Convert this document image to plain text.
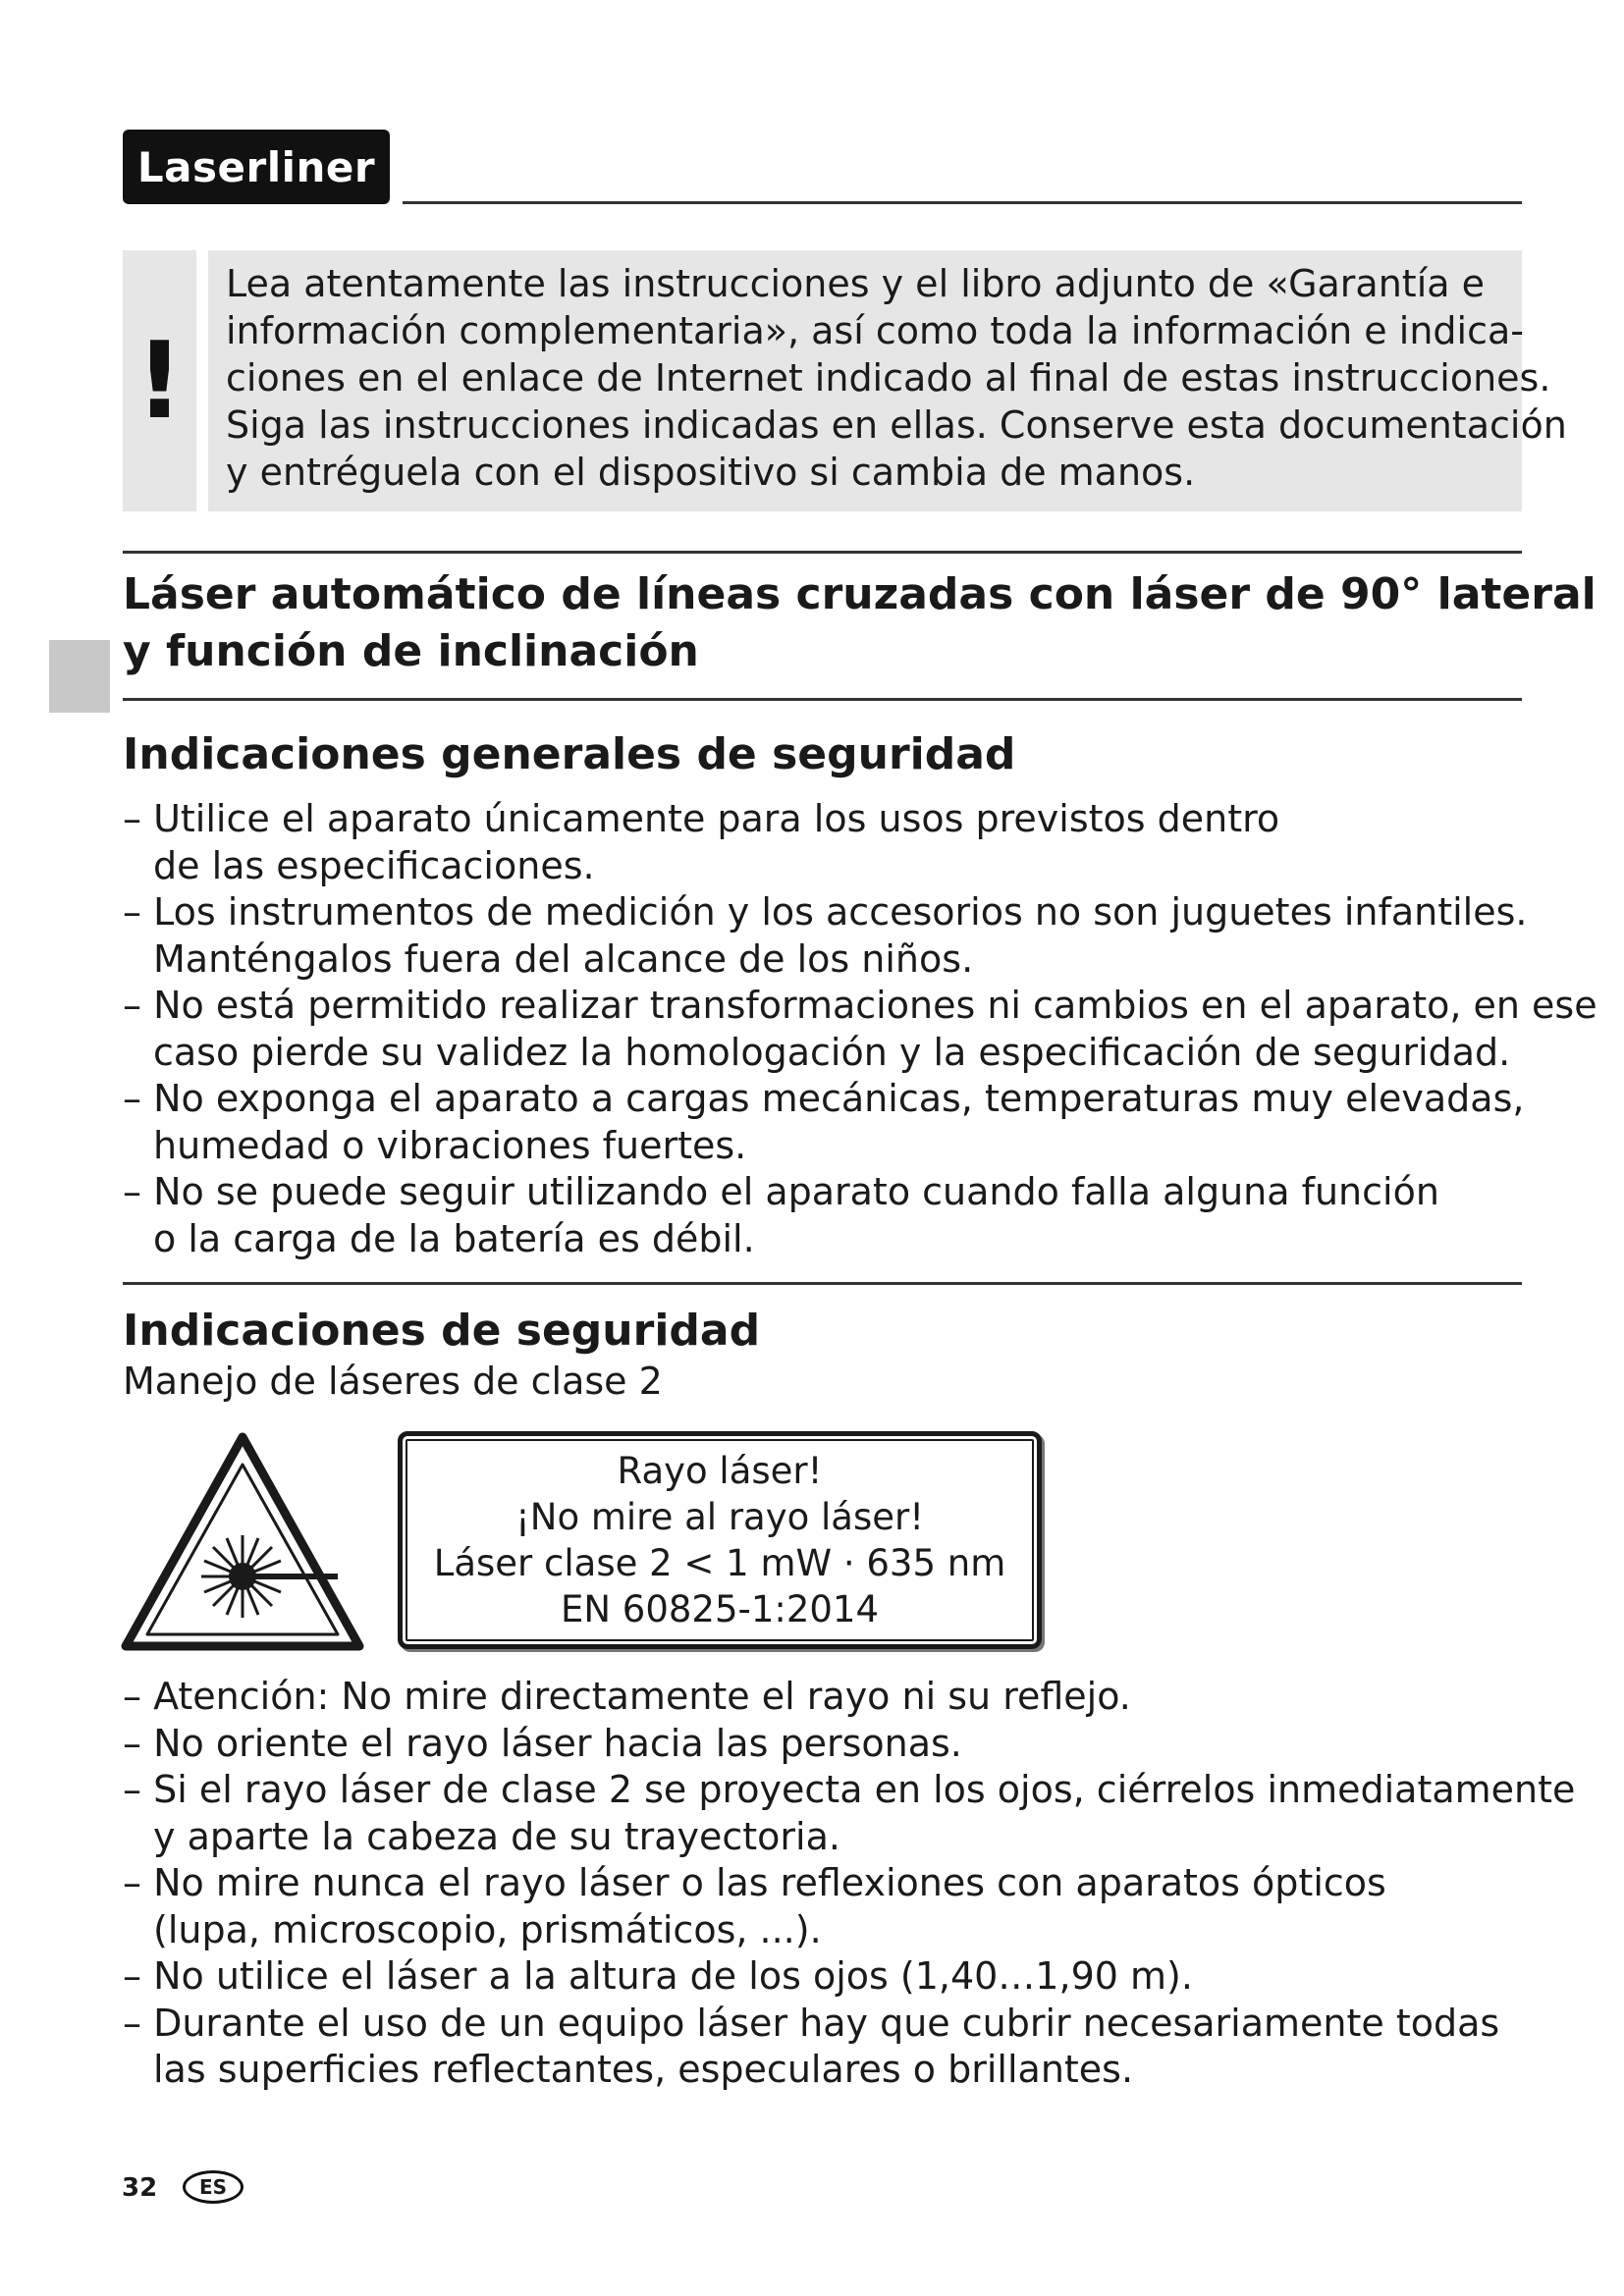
Laserliner
!
Lea atentamente las instrucciones y el libro adjunto de «Garantía e
información complementaria», así como toda la información e indica-
ciones en el enlace de Internet indicado al final de estas instrucciones.
Siga las instrucciones indicadas en ellas. Conserve esta documentación
y entréguela con el dispositivo si cambia de manos.
Láser automático de líneas cruzadas con láser de 90° lateral
y función de inclinación
Indicaciones generales de seguridad
– Utilice el aparato únicamente para los usos previstos dentro
de las especificaciones.
– Los instrumentos de medición y los accesorios no son juguetes infantiles.
Manténgalos fuera del alcance de los niños.
– No está permitido realizar transformaciones ni cambios en el aparato, en ese
caso pierde su validez la homologación y la especificación de seguridad.
– No exponga el aparato a cargas mecánicas, temperaturas muy elevadas,
humedad o vibraciones fuertes.
– No se puede seguir utilizando el aparato cuando falla alguna función
o la carga de la batería es débil.
Indicaciones de seguridad
Manejo de láseres de clase 2
Rayo láser!
¡No mire al rayo láser!
Láser clase 2 < 1 mW · 635 nm
EN 60825-1:2014
– Atención: No mire directamente el rayo ni su reflejo.
– No oriente el rayo láser hacia las personas.
– Si el rayo láser de clase 2 se proyecta en los ojos, ciérrelos inmediatamente
y aparte la cabeza de su trayectoria.
– No mire nunca el rayo láser o las reflexiones con aparatos ópticos
(lupa, microscopio, prismáticos, ...).
– No utilice el láser a la altura de los ojos (1,40…1,90 m).
– Durante el uso de un equipo láser hay que cubrir necesariamente todas
las superficies reflectantes, especulares o brillantes.
32	ES
